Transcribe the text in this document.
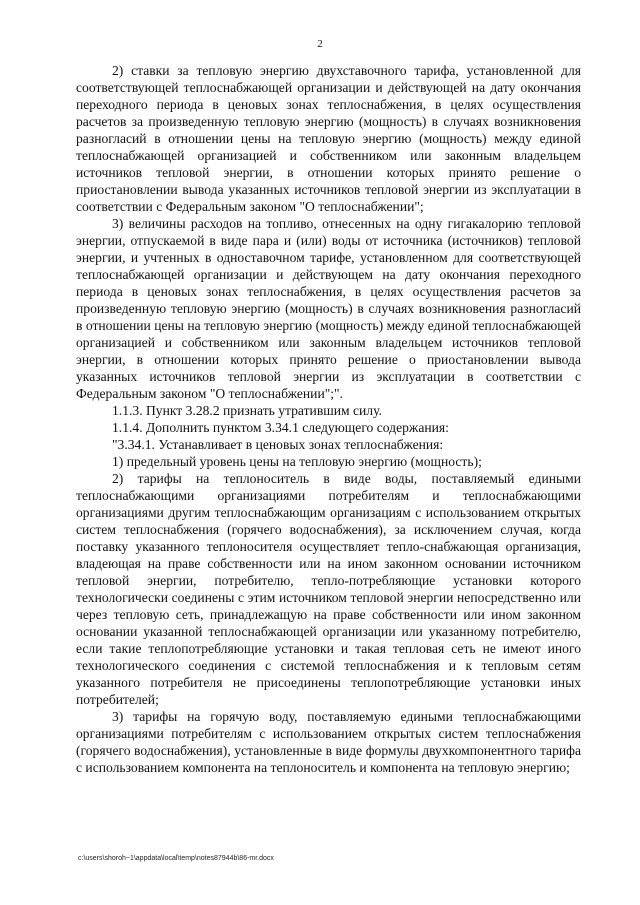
2

2) ставки за тепловую энергию двухставочного тарифа, установленной для соответствующей теплоснабжающей организации и действующей на дату окончания переходного периода в ценовых зонах теплоснабжения, в целях осуществления расчетов за произведенную тепловую энергию (мощность) в случаях возникновения разногласий в отношении цены на тепловую энергию (мощность) между единой теплоснабжающей организацией и собственником или законным владельцем источников тепловой энергии, в отношении которых принято решение о приостановлении вывода указанных источников тепловой энергии из эксплуатации в соответствии с Федеральным законом "О теплоснабжении";

3) величины расходов на топливо, отнесенных на одну гигакалорию тепловой энергии, отпускаемой в виде пара и (или) воды от источника (источников) тепловой энергии, и учтенных в одноставочном тарифе, установленном для соответствующей теплоснабжающей организации и действующем на дату окончания переходного периода в ценовых зонах теплоснабжения, в целях осуществления расчетов за произведенную тепловую энергию (мощность) в случаях возникновения разногласий в отношении цены на тепловую энергию (мощность) между единой теплоснабжающей организацией и собственником или законным владельцем источников тепловой энергии, в отношении которых принято решение о приостановлении вывода указанных источников тепловой энергии из эксплуатации в соответствии с Федеральным законом "О теплоснабжении";".

1.1.3. Пункт 3.28.2 признать утратившим силу.

1.1.4. Дополнить пунктом 3.34.1 следующего содержания:

"3.34.1. Устанавливает в ценовых зонах теплоснабжения:

1) предельный уровень цены на тепловую энергию (мощность);

2) тарифы на теплоноситель в виде воды, поставляемый едиными теплоснабжающими организациями потребителям и теплоснабжающими организациями другим теплоснабжающим организациям с использованием открытых систем теплоснабжения (горячего водоснабжения), за исключением случая, когда поставку указанного теплоносителя осуществляет тепло-снабжающая организация, владеющая на праве собственности или на ином законном основании источником тепловой энергии, потребителю, тепло-потребляющие установки которого технологически соединены с этим источником тепловой энергии непосредственно или через тепловую сеть, принадлежащую на праве собственности или ином законном основании указанной теплоснабжающей организации или указанному потребителю, если такие теплопотребляющие установки и такая тепловая сеть не имеют иного технологического соединения с системой теплоснабжения и к тепловым сетям указанного потребителя не присоединены теплопотребляющие установки иных потребителей;

3) тарифы на горячую воду, поставляемую едиными теплоснабжающими организациями потребителям с использованием открытых систем теплоснабжения (горячего водоснабжения), установленные в виде формулы двухкомпонентного тарифа с использованием компонента на теплоноситель и компонента на тепловую энергию;

c:\users\shoroh~1\appdata\local\temp\notes87944b\86-mr.docx
